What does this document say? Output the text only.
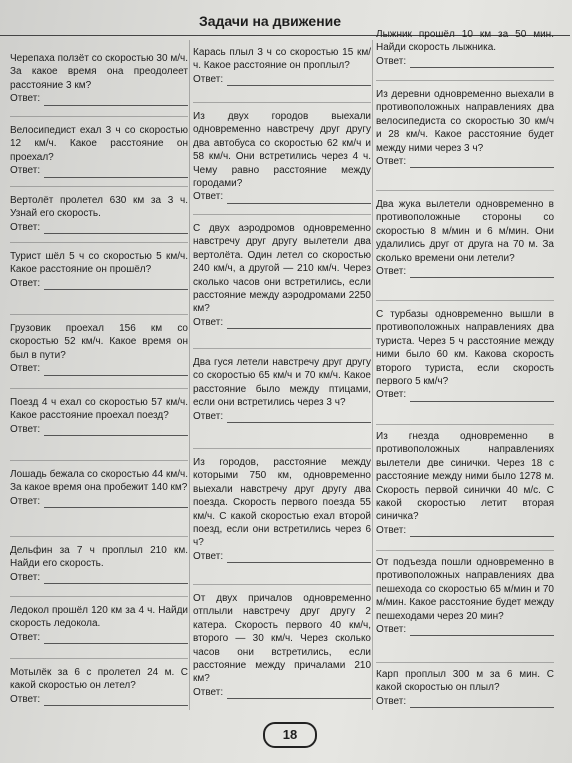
Задачи на движение

Черепаха ползёт со скоростью 30 м/ч. За какое время она преодолеет расстояние 3 км?

Ответ:

Велосипедист ехал 3 ч со скоростью 12 км/ч. Какое расстояние он проехал?

Ответ:

Вертолёт пролетел 630 км за 3 ч. Узнай его скорость.

Ответ:

Турист шёл 5 ч со скоростью 5 км/ч. Какое расстояние он прошёл?

Ответ:

Грузовик проехал 156 км со скоростью 52 км/ч. Какое время он был в пути?

Ответ:

Поезд 4 ч ехал со скоростью 57 км/ч. Какое расстояние проехал поезд?

Ответ:

Лошадь бежала со скоростью 44 км/ч. За какое время она пробежит 140 км?

Ответ:

Дельфин за 7 ч проплыл 210 км. Найди его скорость.

Ответ:

Ледокол прошёл 120 км за 4 ч. Найди скорость ледокола.

Ответ:

Мотылёк за 6 с пролетел 24 м. С какой скоростью он летел?

Ответ:

Карась плыл 3 ч со скоростью 15 км/ч. Какое расстояние он проплыл?

Ответ:

Из двух городов выехали одновременно навстречу друг другу два автобуса со скоростью 62 км/ч и 58 км/ч. Они встретились через 4 ч. Чему равно расстояние между городами?

Ответ:

С двух аэродромов одновременно навстречу друг другу вылетели два вертолёта. Один летел со скоростью 240 км/ч, а другой — 210 км/ч. Через сколько часов они встретились, если расстояние между аэродромами 2250 км?

Ответ:

Два гуся летели навстречу друг другу со скоростью 65 км/ч и 70 км/ч. Какое расстояние было между птицами, если они встретились через 3 ч?

Ответ:

Из городов, расстояние между которыми 750 км, одновременно выехали навстречу друг другу два поезда. Скорость первого поезда 55 км/ч. С какой скоростью ехал второй поезд, если они встретились через 6 ч?

Ответ:

От двух причалов одновременно отплыли навстречу друг другу 2 катера. Скорость первого 40 км/ч, второго — 30 км/ч. Через сколько часов они встретились, если расстояние между причалами 210 км?

Ответ:

Лыжник прошёл 10 км за 50 мин. Найди скорость лыжника.

Ответ:

Из деревни одновременно выехали в противоположных направлениях два велосипедиста со скоростью 30 км/ч и 28 км/ч. Какое расстояние будет между ними через 3 ч?

Ответ:

Два жука вылетели одновременно в противоположные стороны со скоростью 8 м/мин и 6 м/мин. Они удалились друг от друга на 70 м. За сколько времени они летели?

Ответ:

С турбазы одновременно вышли в противоположных направлениях два туриста. Через 5 ч расстояние между ними было 60 км. Какова скорость второго туриста, если скорость первого 5 км/ч?

Ответ:

Из гнезда одновременно в противоположных направлениях вылетели две синички. Через 18 с расстояние между ними было 1278 м. Скорость первой синички 40 м/с. С какой скоростью летит вторая синичка?

Ответ:

От подъезда пошли одновременно в противоположных направлениях два пешехода со скоростью 65 м/мин и 70 м/мин. Какое расстояние будет между пешеходами через 20 мин?

Ответ:

Карп проплыл 300 м за 6 мин. С какой скоростью он плыл?

Ответ:
18
